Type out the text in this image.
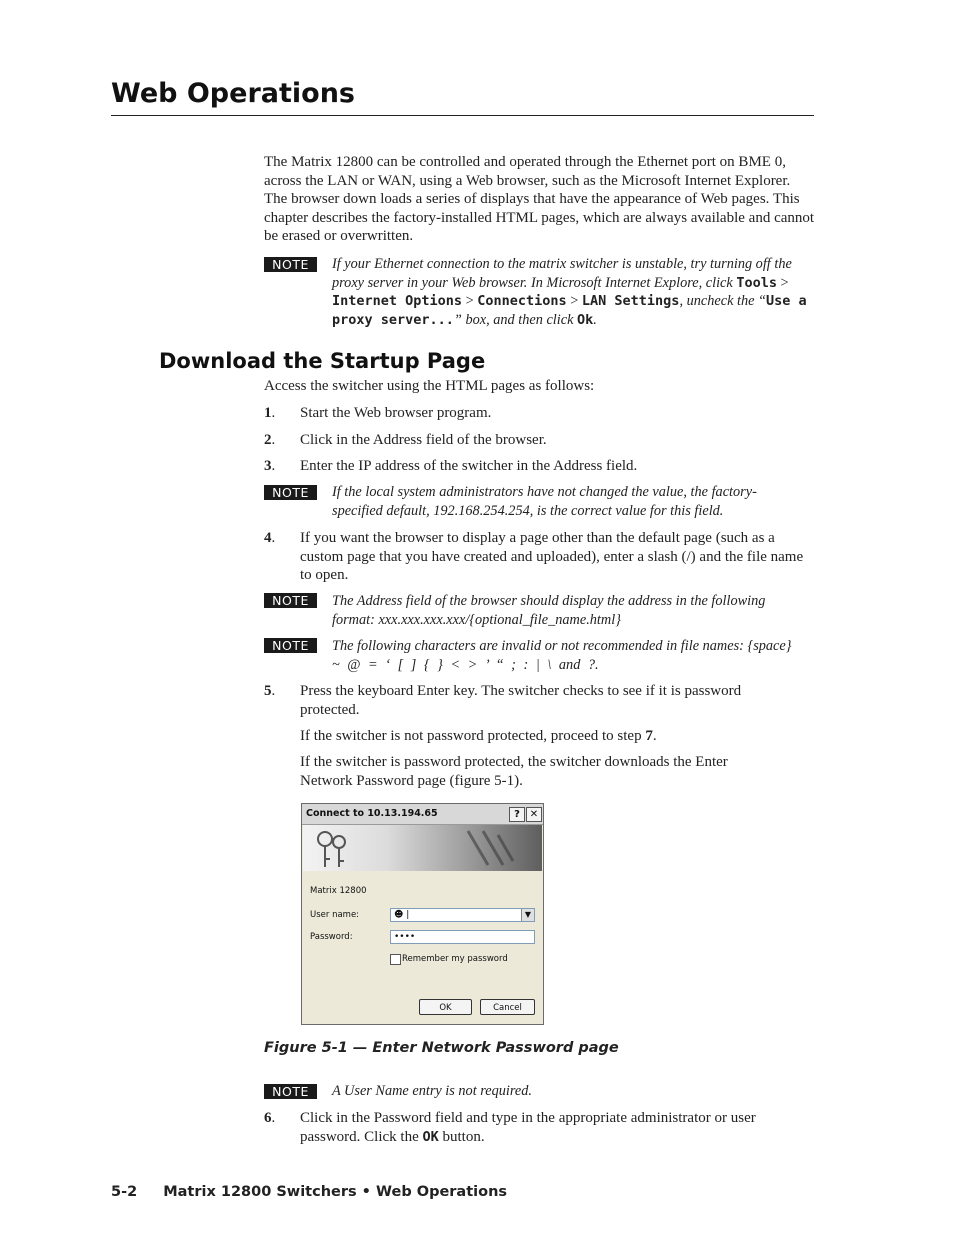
Web Operations
The Matrix 12800 can be controlled and operated through the Ethernet port on BME 0, across the LAN or WAN, using a Web browser, such as the Microsoft Internet Explorer. The browser down loads a series of displays that have the appearance of Web pages. This chapter describes the factory-installed HTML pages, which are always available and cannot be erased or overwritten.
NOTE	If your Ethernet connection to the matrix switcher is unstable, try turning off the proxy server in your Web browser. In Microsoft Internet Explore, click Tools > Internet Options > Connections > LAN Settings, uncheck the “Use a proxy server...” box, and then click Ok.
Download the Startup Page
Access the switcher using the HTML pages as follows:
1. Start the Web browser program.
2. Click in the Address field of the browser.
3. Enter the IP address of the switcher in the Address field.
NOTE	If the local system administrators have not changed the value, the factory-specified default, 192.168.254.254, is the correct value for this field.
4. If you want the browser to display a page other than the default page (such as a custom page that you have created and uploaded), enter a slash (/) and the file name to open.
NOTE	The Address field of the browser should display the address in the following format: xxx.xxx.xxx.xxx/{optional_file_name.html}
NOTE	The following characters are invalid or not recommended in file names: {space}
~ @ = ‘ [ ] { } < > ’ “ ; : | \ and ?.
5. Press the keyboard Enter key. The switcher checks to see if it is password protected.
If the switcher is not password protected, proceed to step 7.
If the switcher is password protected, the switcher downloads the Enter Network Password page (figure 5-1).
Connect to 10.13.194.65	? ✕
Matrix 12800
User name:	☻ |	▼
Password:	••••
Remember my password
OK	Cancel
Figure 5-1 — Enter Network Password page
NOTE	A User Name entry is not required.
6. Click in the Password field and type in the appropriate administrator or user password. Click the OK button.
5-2 Matrix 12800 Switchers • Web Operations
